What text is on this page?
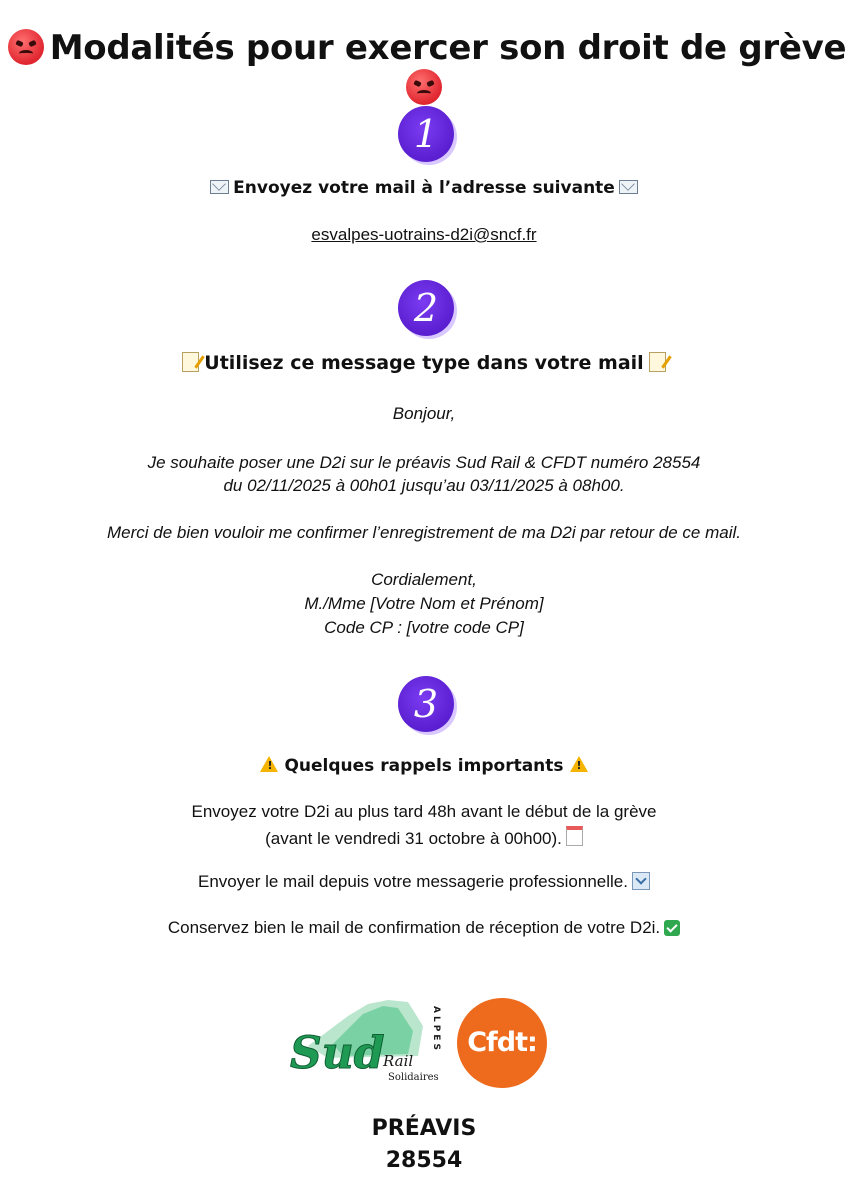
Modalités pour exercer son droit de grève
1
Envoyez votre mail à l’adresse suivante
esvalpes-uotrains-d2i@sncf.fr
2
Utilisez ce message type dans votre mail
Bonjour,
Je souhaite poser une D2i sur le préavis Sud Rail & CFDT numéro 28554
du 02/11/2025 à 00h01 jusqu’au 03/11/2025 à 08h00.
Merci de bien vouloir me confirmer l’enregistrement de ma D2i par retour de ce mail.
Cordialement,
M./Mme [Votre Nom et Prénom]
Code CP : [votre code CP]
3
!Quelques rappels importants!
Envoyez votre D2i au plus tard 48h avant le début de la grève
(avant le vendredi 31 octobre à 00h00).
Envoyer le mail depuis votre messagerie professionnelle.
Conservez bien le mail de confirmation de réception de votre D2i.
Sud
Rail
Solidaires
ALPES Cfdt:
PRÉAVIS
28554
